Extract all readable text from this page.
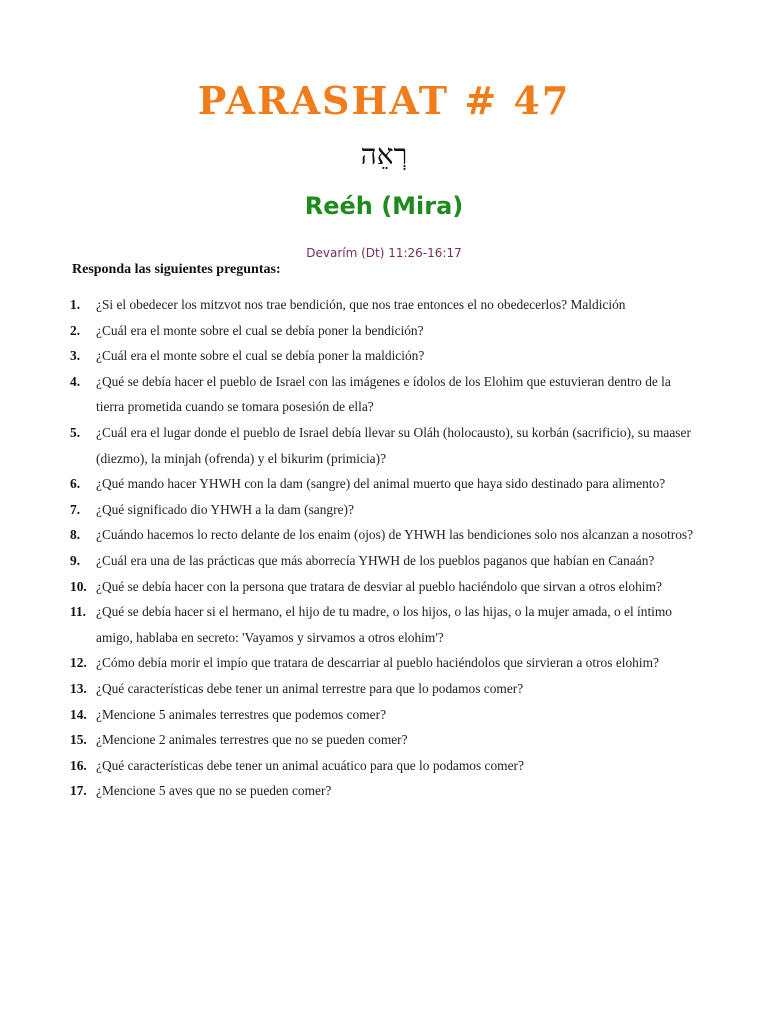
PARASHAT # 47
רְאֵה
Reéh (Mira)
Devarím (Dt) 11:26-16:17
Responda las siguientes preguntas:
1.	¿Si el obedecer los mitzvot nos trae bendición, que nos trae entonces el no obedecerlos? Maldición
2.	¿Cuál era el monte sobre el cual se debía poner la bendición?
3.	¿Cuál era el monte sobre el cual se debía poner la maldición?
4.	¿Qué se debía hacer el pueblo de Israel con las imágenes e ídolos de los Elohim que estuvieran dentro de la tierra prometida cuando se tomara posesión de ella?
5.	¿Cuál era el lugar donde el pueblo de Israel debía llevar su Oláh (holocausto), su korbán (sacrificio), su maaser (diezmo), la minjah (ofrenda) y el bikurim (primicia)?
6.	¿Qué mando hacer YHWH con la dam (sangre) del animal muerto que haya sido destinado para alimento?
7.	¿Qué significado dio YHWH a la dam (sangre)?
8.	¿Cuándo hacemos lo recto delante de los enaim (ojos) de YHWH las bendiciones solo nos alcanzan a nosotros?
9.	¿Cuál era una de las prácticas que más aborrecía YHWH de los pueblos paganos que habían en Canaán?
10. ¿Qué se debía hacer con la persona que tratara de desviar al pueblo haciéndolo que sirvan a otros elohim?
11. ¿Qué se debía hacer si el hermano, el hijo de tu madre, o los hijos, o las hijas, o la mujer amada, o el íntimo amigo, hablaba en secreto: 'Vayamos y sirvamos a otros elohim'?
12. ¿Cómo debía morir el impío que tratara de descarriar al pueblo haciéndolos que sirvieran a otros elohim?
13. ¿Qué características debe tener un animal terrestre para que lo podamos comer?
14. ¿Mencione 5 animales terrestres que podemos comer?
15. ¿Mencione 2 animales terrestres que no se pueden comer?
16. ¿Qué características debe tener un animal acuático para que lo podamos comer?
17. ¿Mencione 5 aves que no se pueden comer?
